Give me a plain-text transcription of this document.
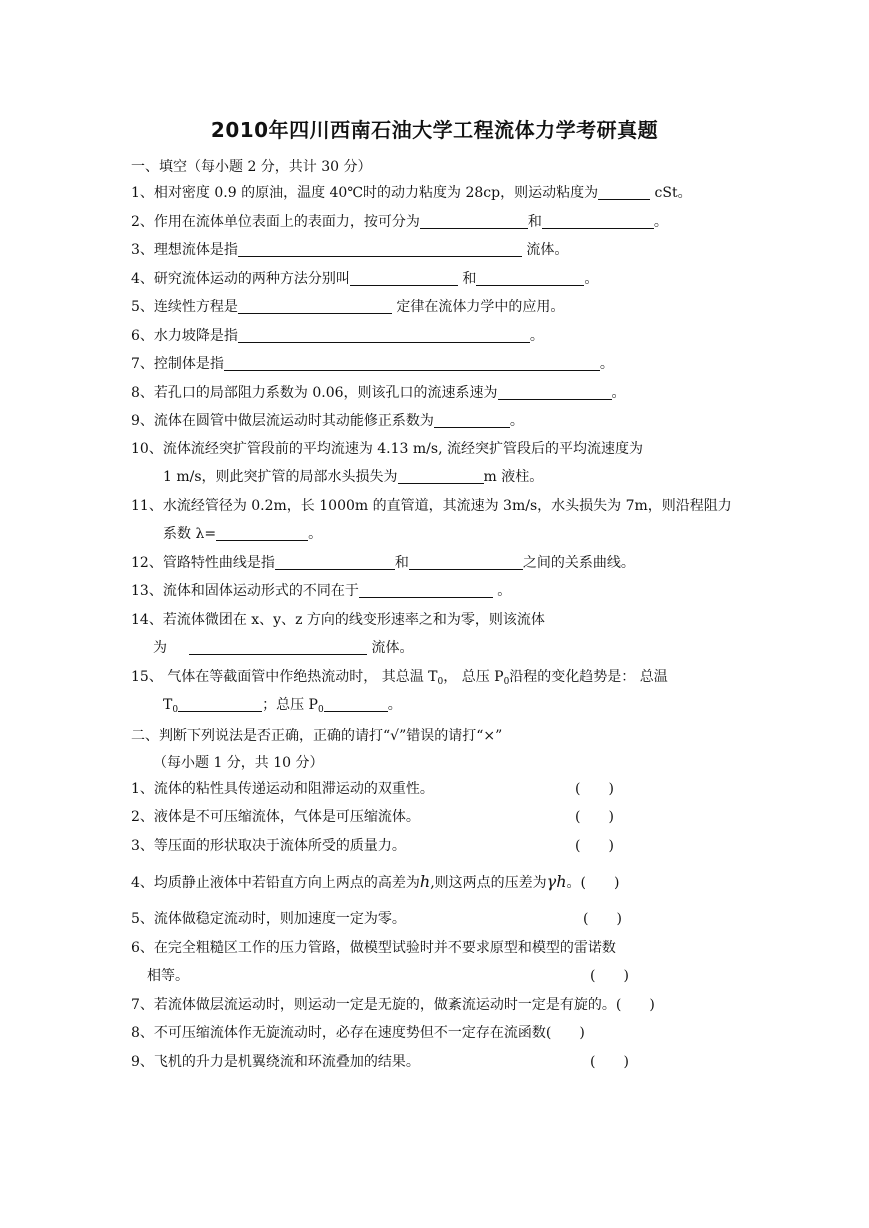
2010年四川西南石油大学工程流体力学考研真题
一、填空（每小题 2 分，共计 30 分）
1、相对密度 0.9 的原油，温度 40℃时的动力粘度为 28cp，则运动粘度为	cSt。
2、作用在流体单位表面上的表面力，按可分为	和	。
3、理想流体是指	流体。
4、研究流体运动的两种方法分别叫	和	。
5、连续性方程是	定律在流体力学中的应用。
6、水力坡降是指	。
7、控制体是指	。
8、若孔口的局部阻力系数为 0.06，则该孔口的流速系速为	。
9、流体在圆管中做层流运动时其动能修正系数为	。
10、流体流经突扩管段前的平均流速为 4.13 m/s, 流经突扩管段后的平均流速度为
1 m/s，则此突扩管的局部水头损失为	m 液柱。
11、水流经管径为 0.2m，长 1000m 的直管道，其流速为 3m/s，水头损失为 7m，则沿程阻力
系数 λ=	。
12、管路特性曲线是指	和	之间的关系曲线。
13、流体和固体运动形式的不同在于	。
14、若流体微团在 x、y、z 方向的线变形速率之和为零，则该流体
为	流体。
15、 气体在等截面管中作绝热流动时， 其总温 $T_0$， 总压 $P_0$沿程的变化趋势是： 总温
$T_0$	；总压 $P_0$	。
二、判断下列说法是否正确，正确的请打“√”错误的请打“×”
（每小题 1 分，共 10 分）
1、流体的粘性具传递运动和阻滞运动的双重性。	(　　)
2、液体是不可压缩流体，气体是可压缩流体。	(　　)
3、等压面的形状取决于流体所受的质量力。	(　　)
4、均质静止液体中若铅直方向上两点的高差为h,则这两点的压差为γh。(　　)
5、流体做稳定流动时，则加速度一定为零。	(　　)
6、在完全粗糙区工作的压力管路，做模型试验时并不要求原型和模型的雷诺数
相等。	(　　)
7、若流体做层流运动时，则运动一定是无旋的，做紊流运动时一定是有旋的。(　　)
8、不可压缩流体作无旋流动时，必存在速度势但不一定存在流函数(　　)
9、飞机的升力是机翼绕流和环流叠加的结果。	(　　)
